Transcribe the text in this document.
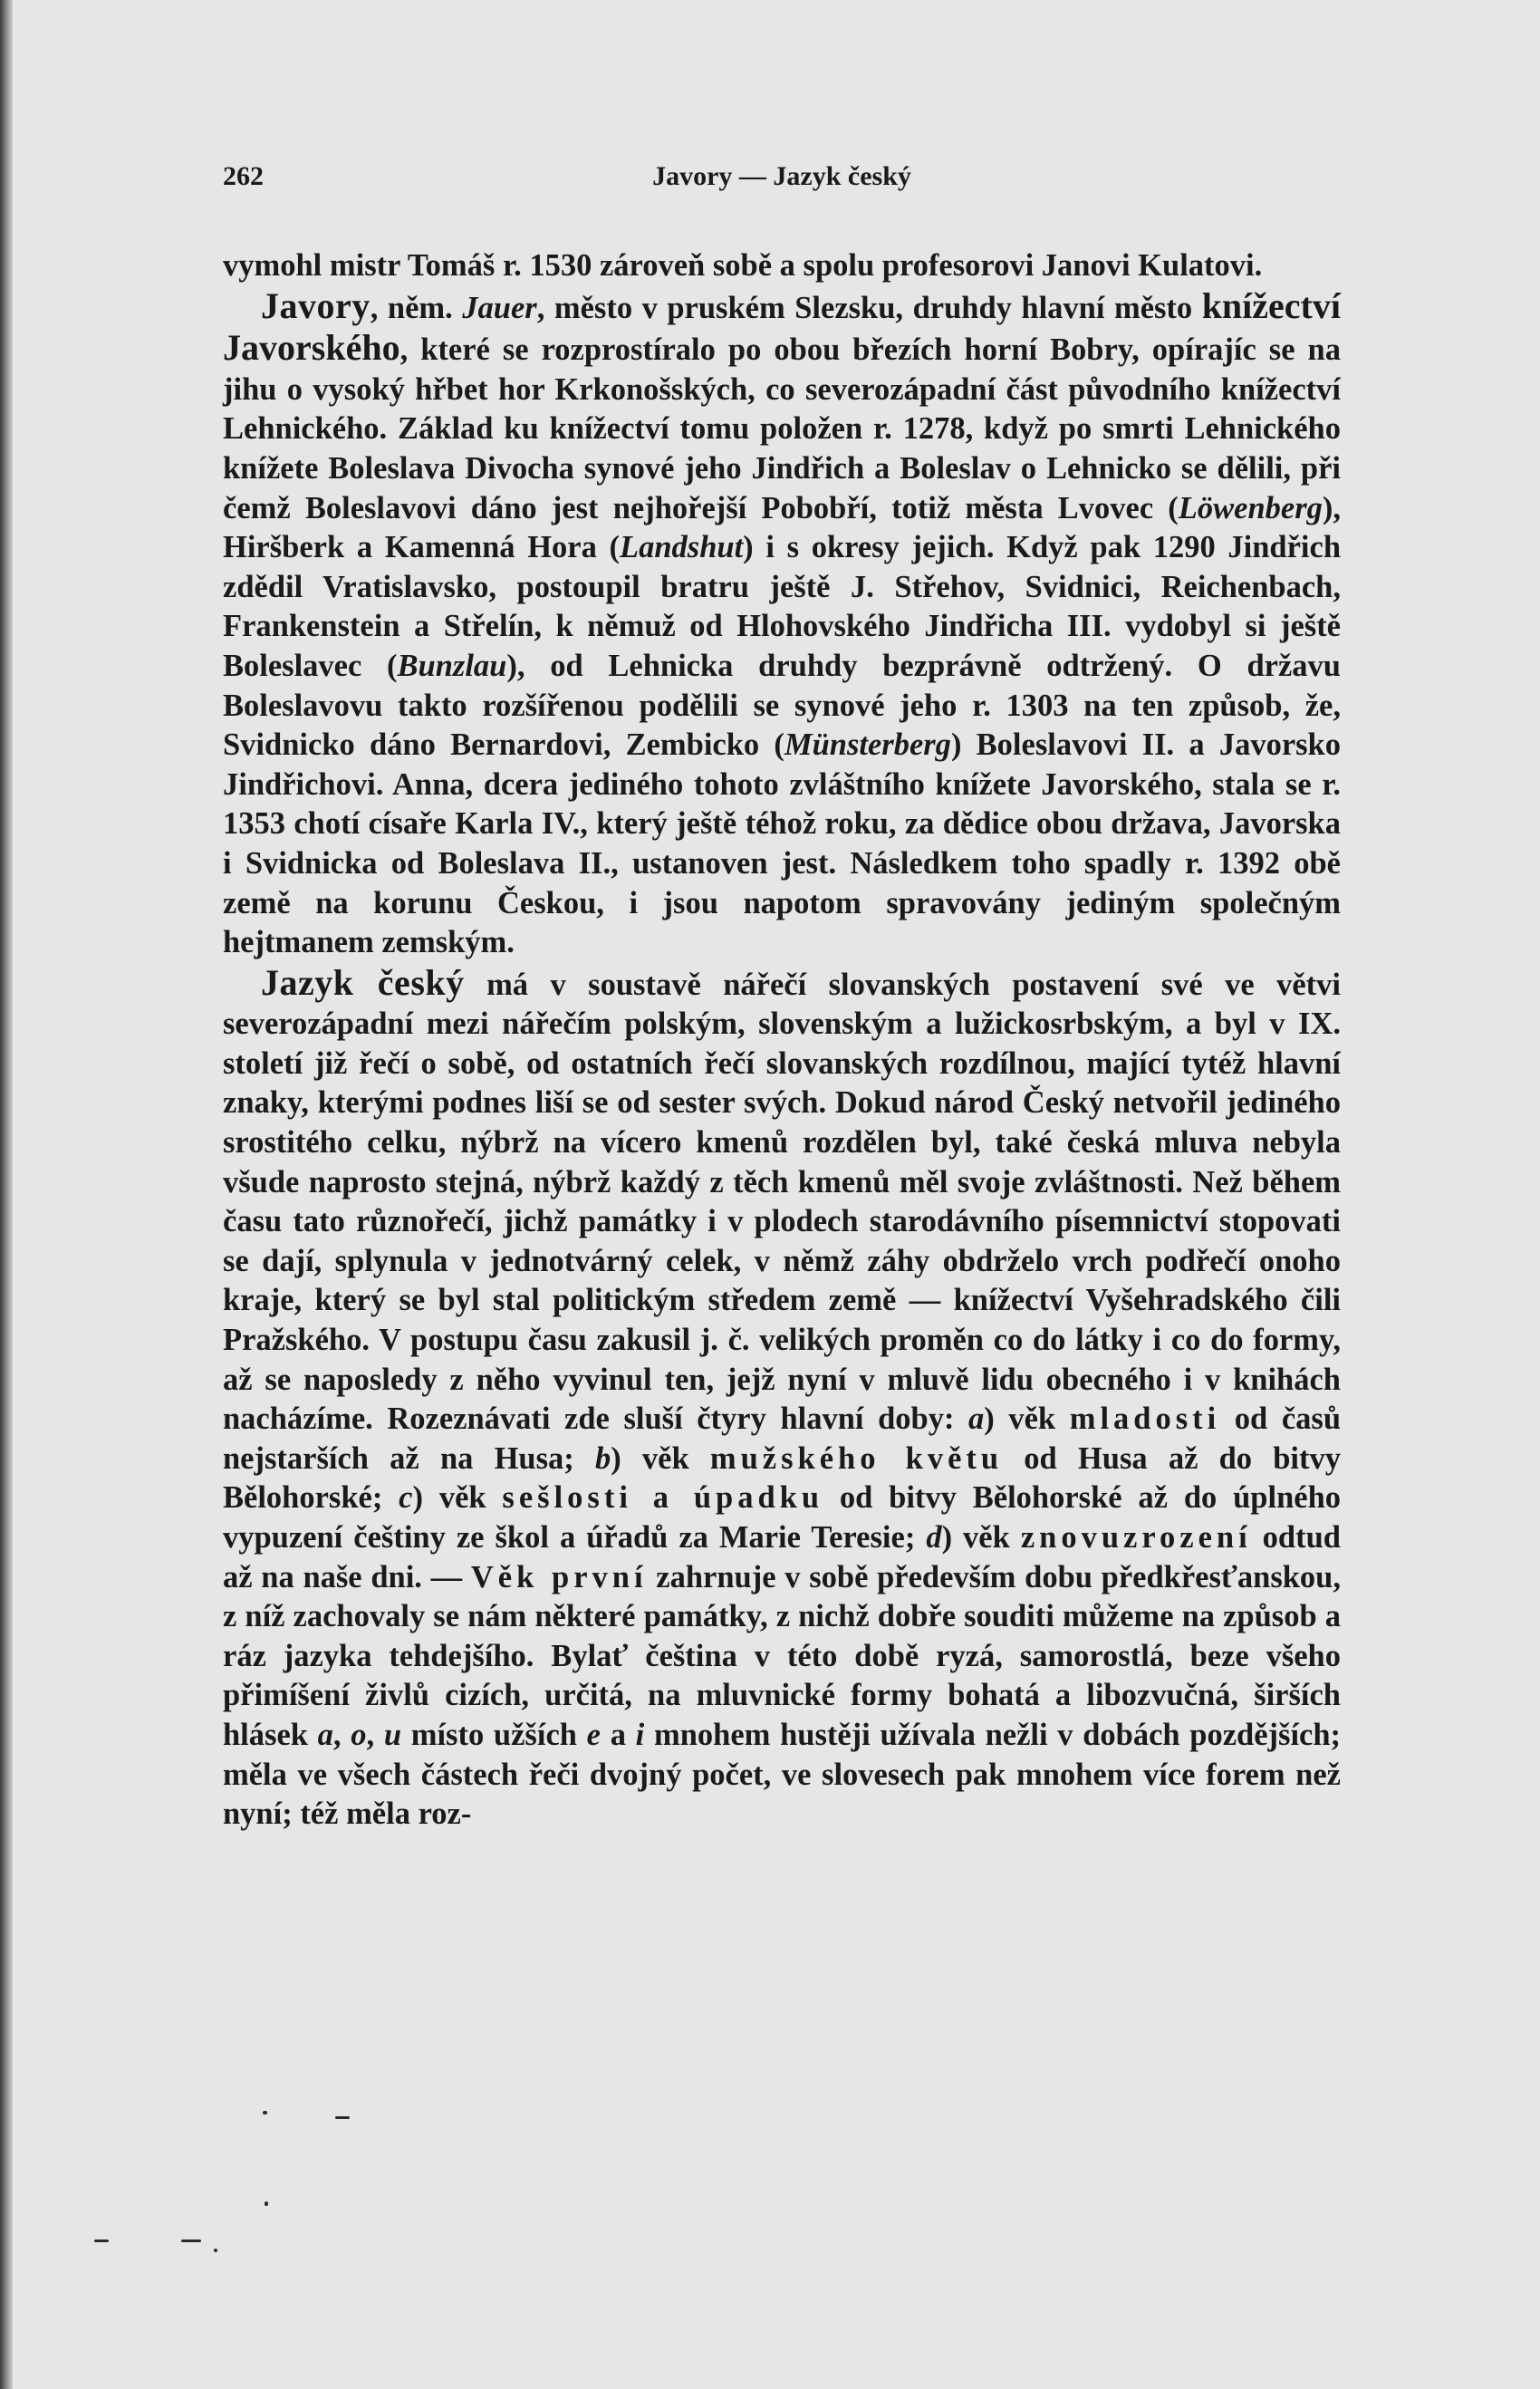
262	Javory — Jazyk český

vymohl mistr Tomáš r. 1530 zároveň sobě a spolu profesorovi Janovi Kulatovi.

Javory, něm. Jauer, město v pruském Slezsku, druhdy hlavní město knížectví Javorského, které se rozprostíralo po obou březích horní Bobry, opírajíc se na jihu o vysoký hřbet hor Krkonošských, co severozápadní část původního knížectví Lehnického. Základ ku knížectví tomu položen r. 1278, když po smrti Lehnického knížete Boleslava Divocha synové jeho Jindřich a Boleslav o Lehnicko se dělili, při čemž Boleslavovi dáno jest nejhořejší Pobobří, totiž města Lvovec (Löwenberg), Hiršberk a Kamenná Hora (Landshut) i s okresy jejich. Když pak 1290 Jindřich zdědil Vratislavsko, postoupil bratru ještě J. Střehov, Svidnici, Reichenbach, Frankenstein a Střelín, k němuž od Hlohovského Jindřicha III. vydobyl si ještě Boleslavec (Bunzlau), od Lehnicka druhdy bezprávně odtržený. O državu Boleslavovu takto rozšířenou podělili se synové jeho r. 1303 na ten způsob, že, Svidnicko dáno Bernardovi, Zembicko (Münsterberg) Boleslavovi II. a Javorsko Jindřichovi. Anna, dcera jediného tohoto zvláštního knížete Javorského, stala se r. 1353 chotí císaře Karla IV., který ještě téhož roku, za dědice obou država, Javorska i Svidnicka od Boleslava II., ustanoven jest. Následkem toho spadly r. 1392 obě země na korunu Českou, i jsou napotom spravovány jediným společným hejtmanem zemským.

Jazyk český má v soustavě nářečí slovanských postavení své ve větvi severozápadní mezi nářečím polským, slovenským a lužickosrbským, a byl v IX. století již řečí o sobě, od ostatních řečí slovanských rozdílnou, mající tytéž hlavní znaky, kterými podnes liší se od sester svých. Dokud národ Český netvořil jediného srostitého celku, nýbrž na vícero kmenů rozdělen byl, také česká mluva nebyla všude naprosto stejná, nýbrž každý z těch kmenů měl svoje zvláštnosti. Než během času tato různořečí, jichž památky i v plodech starodávního písemnictví stopovati se dají, splynula v jednotvárný celek, v němž záhy obdrželo vrch podřečí onoho kraje, který se byl stal politickým středem země — knížectví Vyšehradského čili Pražského. V postupu času zakusil j. č. velikých proměn co do látky i co do formy, až se naposledy z něho vyvinul ten, jejž nyní v mluvě lidu obecného i v knihách nacházíme. Rozeznávati zde sluší čtyry hlavní doby: a) věk mladosti od časů nejstarších až na Husa; b) věk mužského květu od Husa až do bitvy Bělohorské; c) věk sešlosti a úpadku od bitvy Bělohorské až do úplného vypuzení češtiny ze škol a úřadů za Marie Teresie; d) věk znovuzrození odtud až na naše dni. — Věk první zahrnuje v sobě především dobu předkřesťanskou, z níž zachovaly se nám některé památky, z nichž dobře souditi můžeme na způsob a ráz jazyka tehdejšího. Bylať čeština v této době ryzá, samorostlá, beze všeho přimíšení živlů cizích, určitá, na mluvnické formy bohatá a libozvučná, širších hlásek a, o, u místo užších e a i mnohem hustěji užívala nežli v dobách pozdějších; měla ve všech částech řeči dvojný počet, ve slovesech pak mnohem více forem než nyní; též měla roz-
